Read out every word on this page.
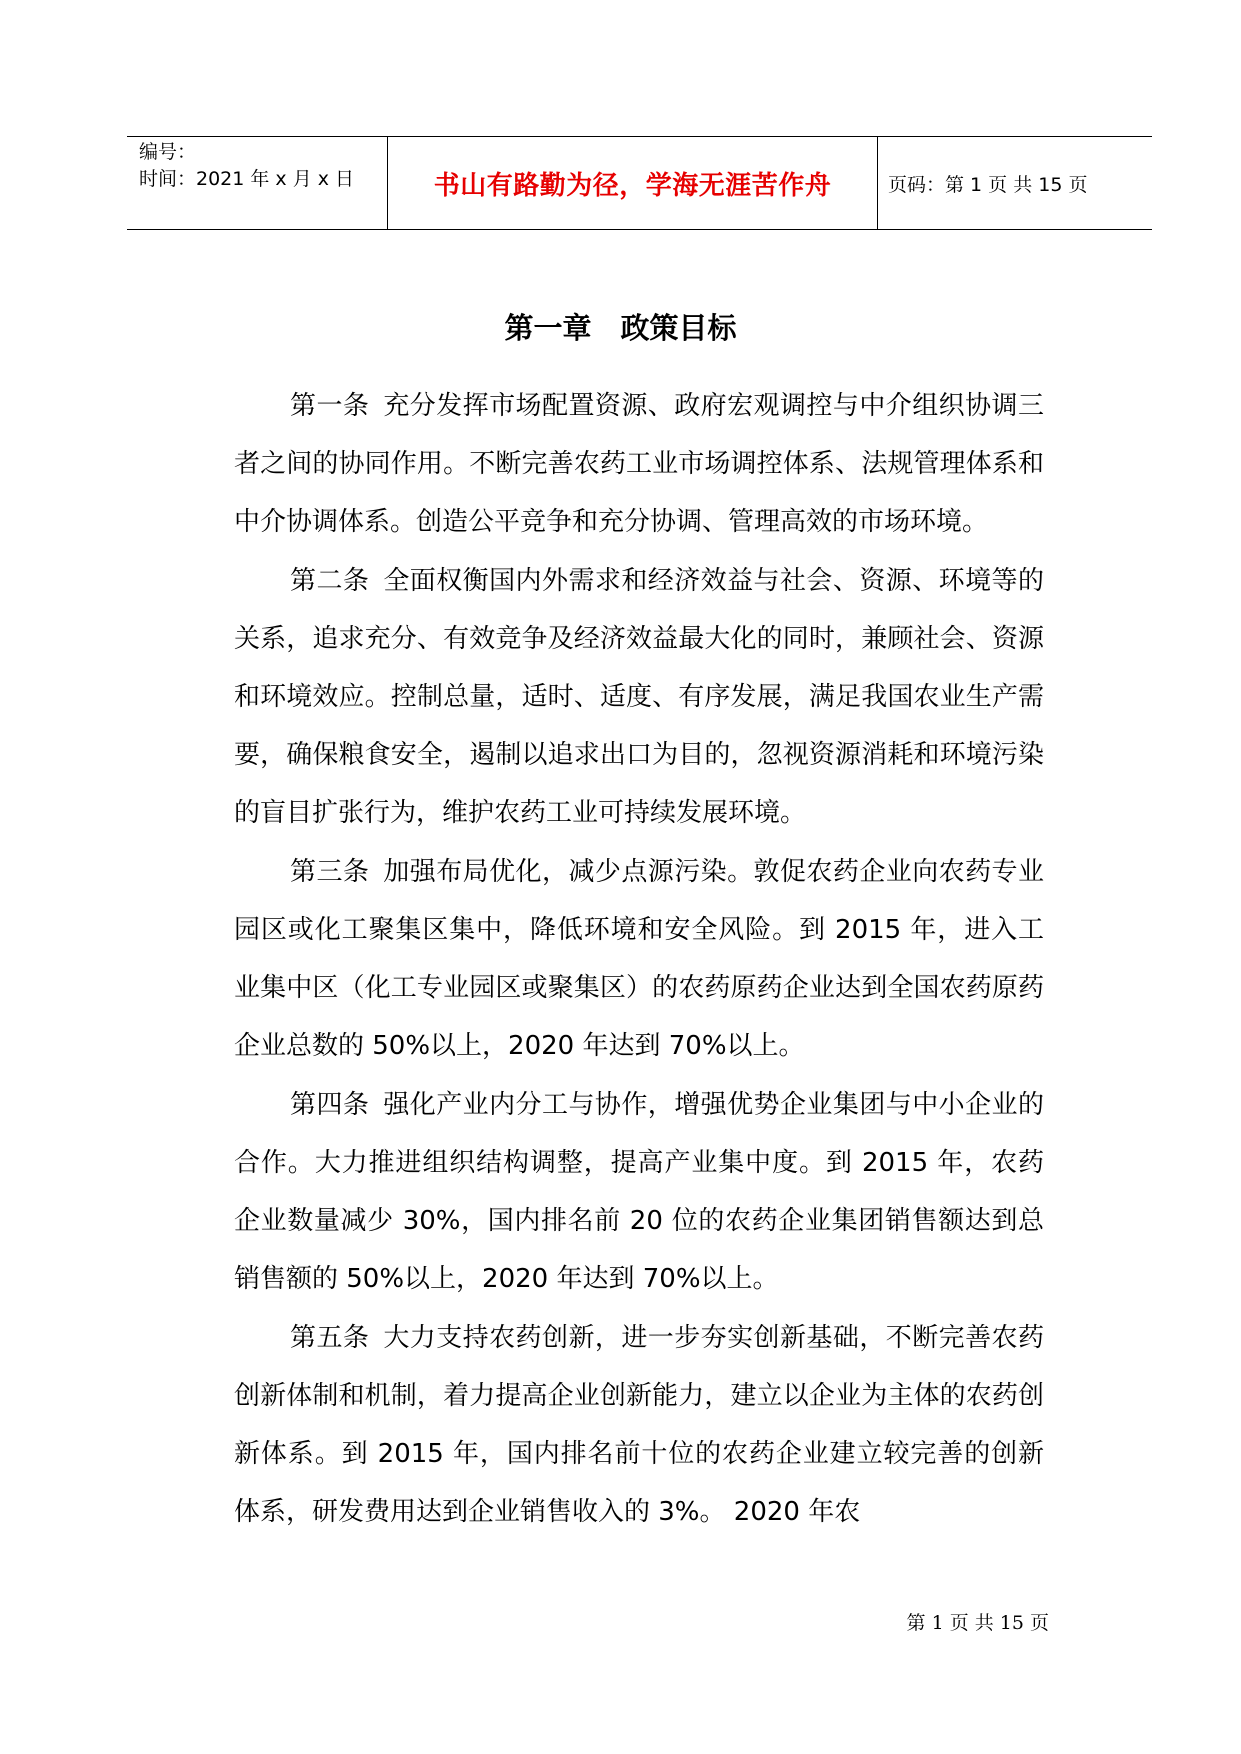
编号：
时间：2021 年 x 月 x 日	书山有路勤为径，学海无涯苦作舟	页码：第 1 页 共 15 页
第一章　政策目标

第一条 充分发挥市场配置资源、政府宏观调控与中介组织协调三者之间的协同作用。不断完善农药工业市场调控体系、法规管理体系和中介协调体系。创造公平竞争和充分协调、管理高效的市场环境。

第二条 全面权衡国内外需求和经济效益与社会、资源、环境等的关系，追求充分、有效竞争及经济效益最大化的同时，兼顾社会、资源和环境效应。控制总量，适时、适度、有序发展，满足我国农业生产需要，确保粮食安全，遏制以追求出口为目的，忽视资源消耗和环境污染的盲目扩张行为，维护农药工业可持续发展环境。

第三条 加强布局优化，减少点源污染。敦促农药企业向农药专业园区或化工聚集区集中，降低环境和安全风险。到 2015 年，进入工业集中区（化工专业园区或聚集区）的农药原药企业达到全国农药原药企业总数的 50%以上，2020 年达到 70%以上。

第四条 强化产业内分工与协作，增强优势企业集团与中小企业的合作。大力推进组织结构调整，提高产业集中度。到 2015 年，农药企业数量减少 30%，国内排名前 20 位的农药企业集团销售额达到总销售额的 50%以上，2020 年达到 70%以上。

第五条 大力支持农药创新，进一步夯实创新基础，不断完善农药创新体制和机制，着力提高企业创新能力，建立以企业为主体的农药创新体系。到 2015 年，国内排名前十位的农药企业建立较完善的创新体系，研发费用达到企业销售收入的 3%。 2020 年农

第 1 页 共 15 页
